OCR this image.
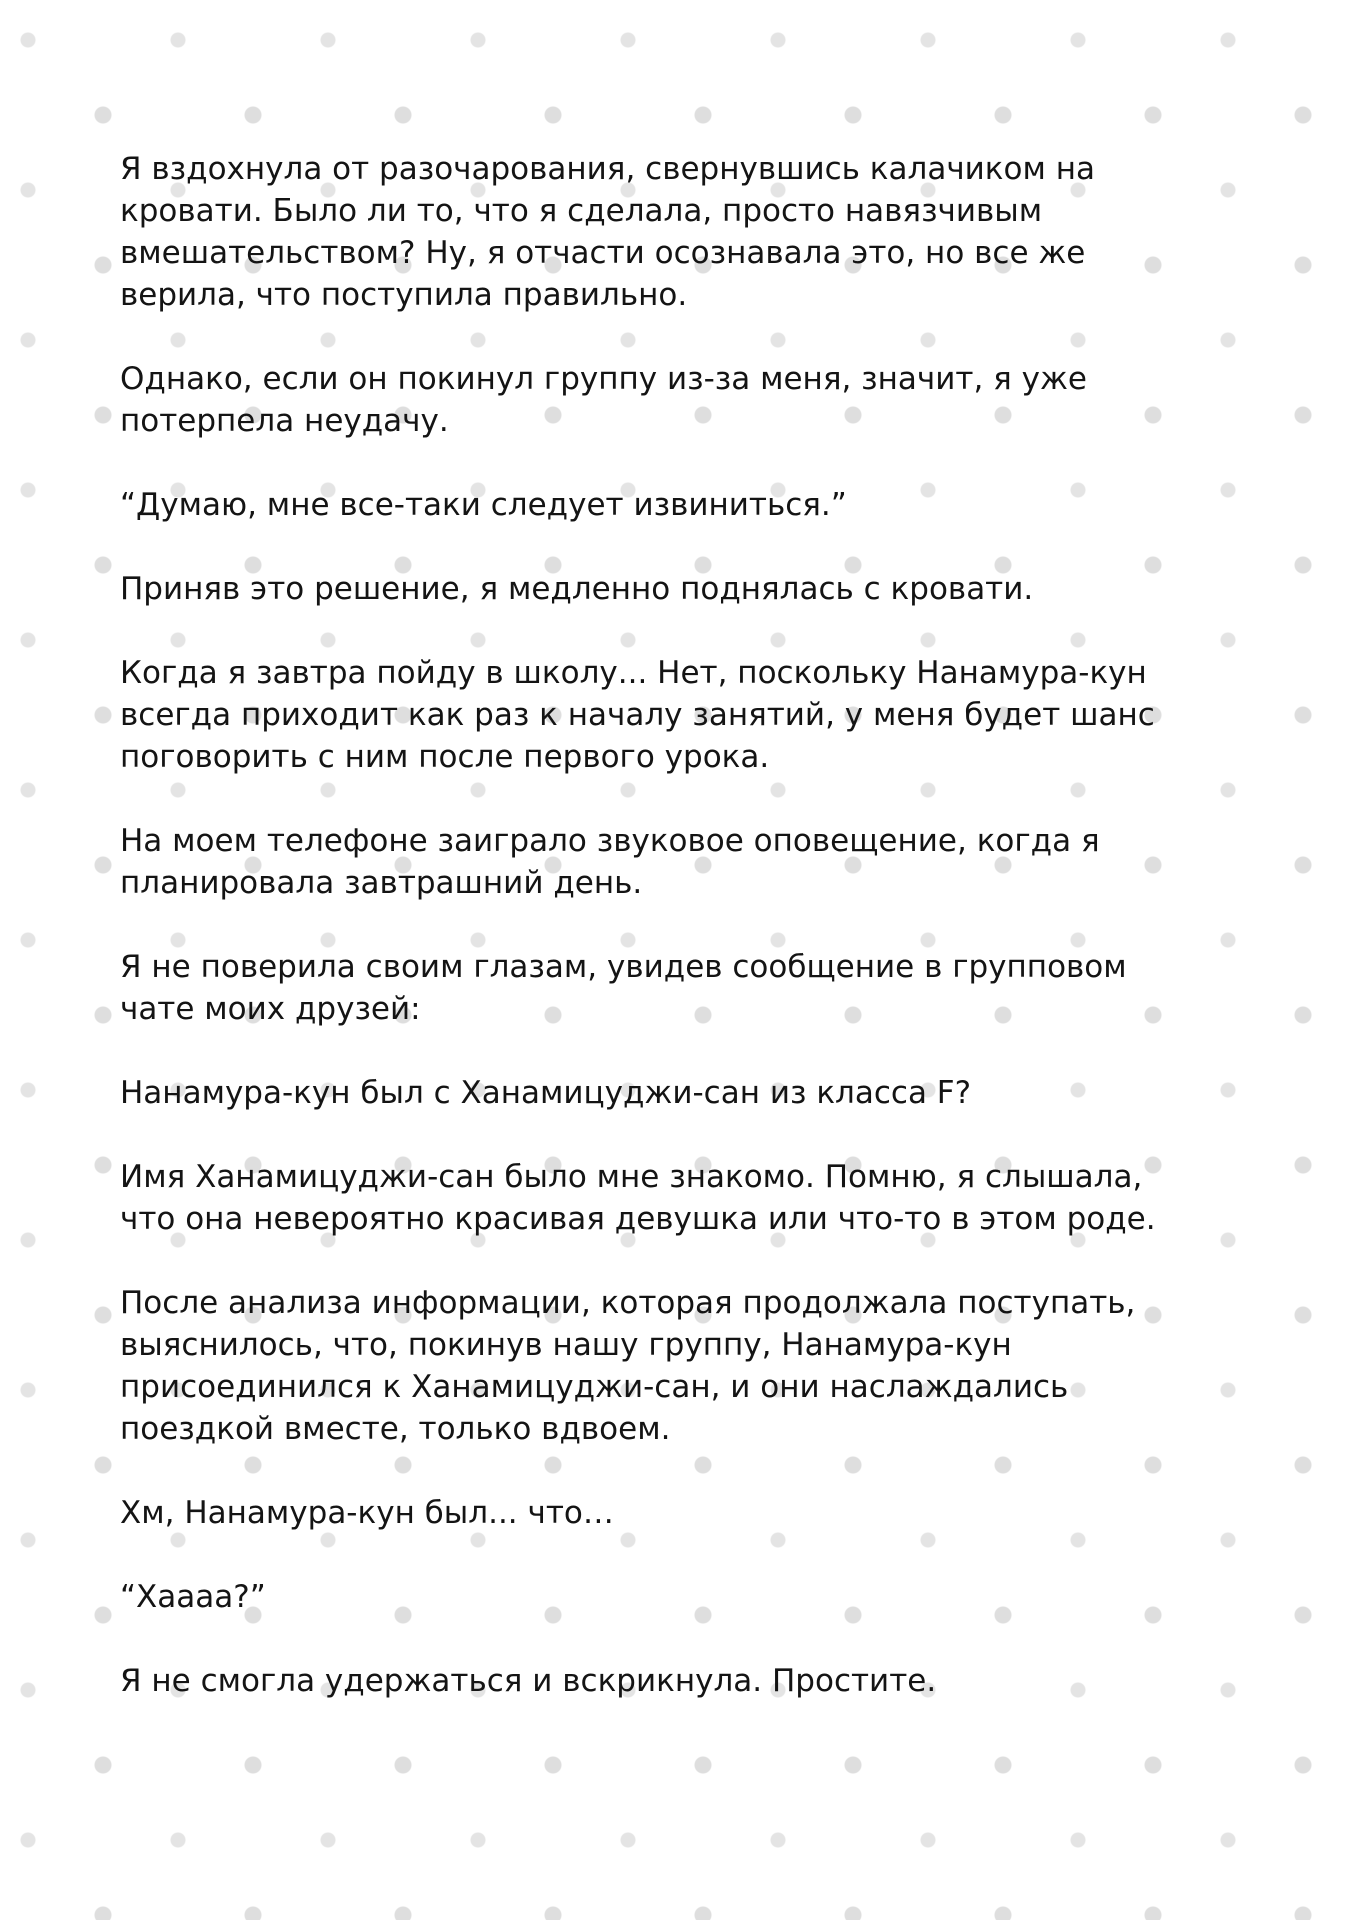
Я вздохнула от разочарования, свернувшись калачиком на кровати. Было ли то, что я сделала, просто навязчивым вмешательством? Ну, я отчасти осознавала это, но все же верила, что поступила правильно.

Однако, если он покинул группу из-за меня, значит, я уже потерпела неудачу.

“Думаю, мне все-таки следует извиниться.”

Приняв это решение, я медленно поднялась с кровати.

Когда я завтра пойду в школу... Нет, поскольку Нанамура-кун всегда приходит как раз к началу занятий, у меня будет шанс поговорить с ним после первого урока.

На моем телефоне заиграло звуковое оповещение, когда я планировала завтрашний день.

Я не поверила своим глазам, увидев сообщение в групповом чате моих друзей:

Нанамура-кун был с Ханамицуджи-сан из класса F?

Имя Ханамицуджи-сан было мне знакомо. Помню, я слышала, что она невероятно красивая девушка или что-то в этом роде.

После анализа информации, которая продолжала поступать, выяснилось, что, покинув нашу группу, Нанамура-кун присоединился к Ханамицуджи-сан, и они наслаждались поездкой вместе, только вдвоем.

Хм, Нанамура-кун был... что…

“Хаааа?”

Я не смогла удержаться и вскрикнула. Простите.
